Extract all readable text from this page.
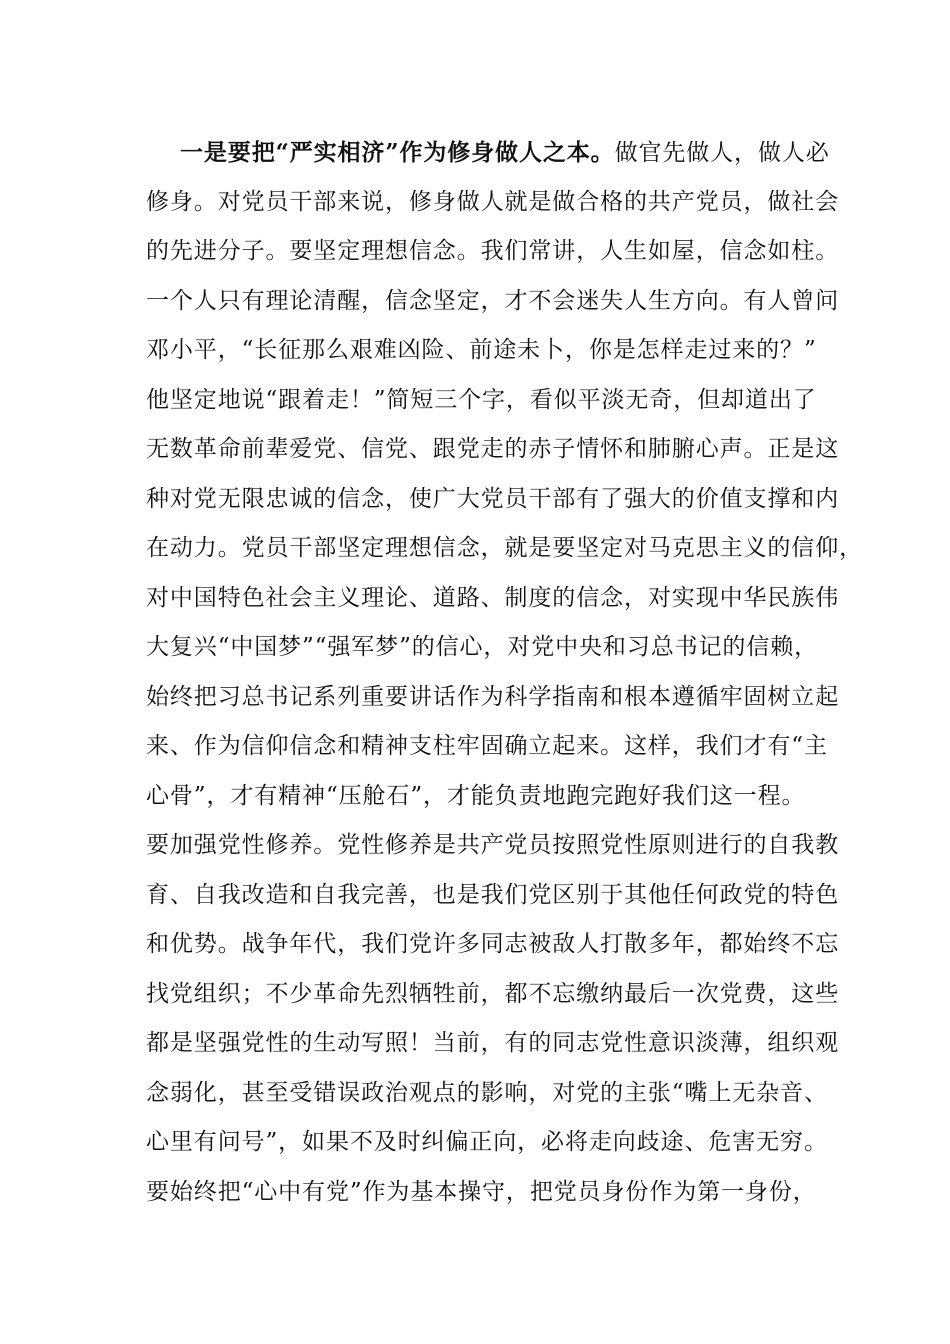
一是要把“严实相济”作为修身做人之本。做官先做人，做人必
修身。对党员干部来说，修身做人就是做合格的共产党员，做社会
的先进分子。要坚定理想信念。我们常讲，人生如屋，信念如柱。
一个人只有理论清醒，信念坚定，才不会迷失人生方向。有人曾问
邓小平，“长征那么艰难凶险、前途未卜，你是怎样走过来的？”
他坚定地说“跟着走！”简短三个字，看似平淡无奇，但却道出了
无数革命前辈爱党、信党、跟党走的赤子情怀和肺腑心声。正是这
种对党无限忠诚的信念，使广大党员干部有了强大的价值支撑和内
在动力。党员干部坚定理想信念，就是要坚定对马克思主义的信仰，
对中国特色社会主义理论、道路、制度的信念，对实现中华民族伟
大复兴“中国梦”“强军梦”的信心，对党中央和习总书记的信赖，
始终把习总书记系列重要讲话作为科学指南和根本遵循牢固树立起
来、作为信仰信念和精神支柱牢固确立起来。这样，我们才有“主
心骨”，才有精神“压舱石”，才能负责地跑完跑好我们这一程。
要加强党性修养。党性修养是共产党员按照党性原则进行的自我教
育、自我改造和自我完善，也是我们党区别于其他任何政党的特色
和优势。战争年代，我们党许多同志被敌人打散多年，都始终不忘
找党组织；不少革命先烈牺牲前，都不忘缴纳最后一次党费，这些
都是坚强党性的生动写照！当前，有的同志党性意识淡薄，组织观
念弱化，甚至受错误政治观点的影响，对党的主张“嘴上无杂音、
心里有问号”，如果不及时纠偏正向，必将走向歧途、危害无穷。
要始终把“心中有党”作为基本操守，把党员身份作为第一身份，
